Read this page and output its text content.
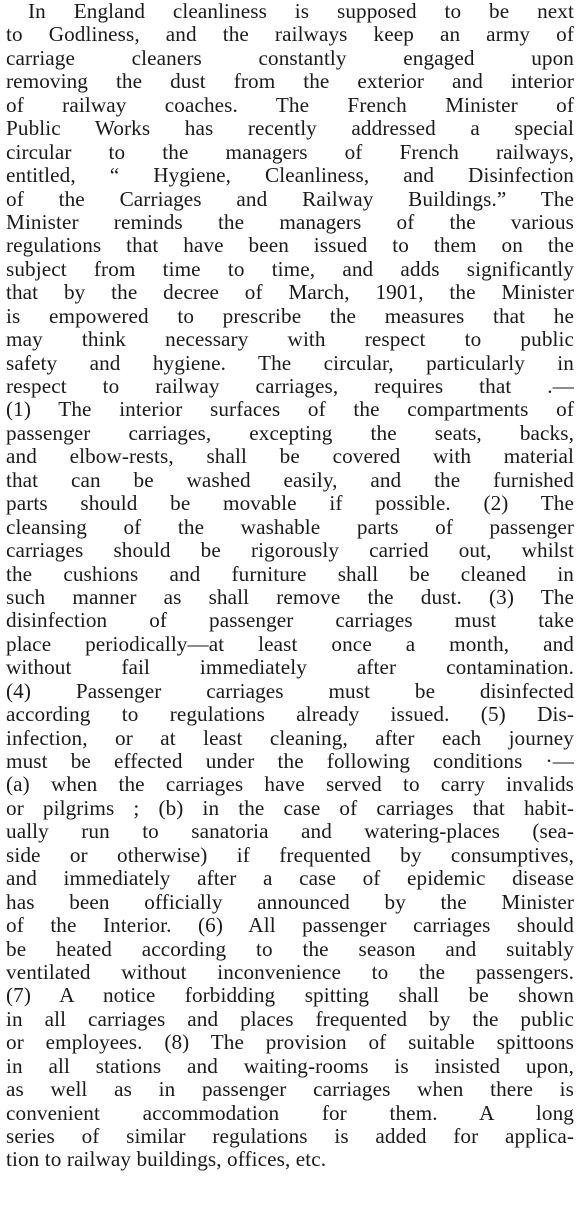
In England cleanliness is supposed to be next
to Godliness, and the railways keep an army of
carriage cleaners constantly engaged upon
removing the dust from the exterior and interior
of railway coaches. The French Minister of
Public Works has recently addressed a special
circular to the managers of French railways,
entitled, “ Hygiene, Cleanliness, and Disinfection
of the Carriages and Railway Buildings.” The
Minister reminds the managers of the various
regulations that have been issued to them on the
subject from time to time, and adds significantly
that by the decree of March, 1901, the Minister
is empowered to prescribe the measures that he
may think necessary with respect to public
safety and hygiene. The circular, particularly in
respect to railway carriages, requires that .—
(1) The interior surfaces of the compartments of
passenger carriages, excepting the seats, backs,
and elbow-rests, shall be covered with material
that can be washed easily, and the furnished
parts should be movable if possible. (2) The
cleansing of the washable parts of passenger
carriages should be rigorously carried out, whilst
the cushions and furniture shall be cleaned in
such manner as shall remove the dust. (3) The
disinfection of passenger carriages must take
place periodically—at least once a month, and
without fail immediately after contamination.
(4) Passenger carriages must be disinfected
according to regulations already issued. (5) Dis-
infection, or at least cleaning, after each journey
must be effected under the following conditions ·—
(a) when the carriages have served to carry invalids
or pilgrims ; (b) in the case of carriages that habit-
ually run to sanatoria and watering-places (sea-
side or otherwise) if frequented by consumptives,
and immediately after a case of epidemic disease
has been officially announced by the Minister
of the Interior. (6) All passenger carriages should
be heated according to the season and suitably
ventilated without inconvenience to the passengers.
(7) A notice forbidding spitting shall be shown
in all carriages and places frequented by the public
or employees. (8) The provision of suitable spittoons
in all stations and waiting-rooms is insisted upon,
as well as in passenger carriages when there is
convenient accommodation for them. A long
series of similar regulations is added for applica-
tion to railway buildings, offices, etc.
